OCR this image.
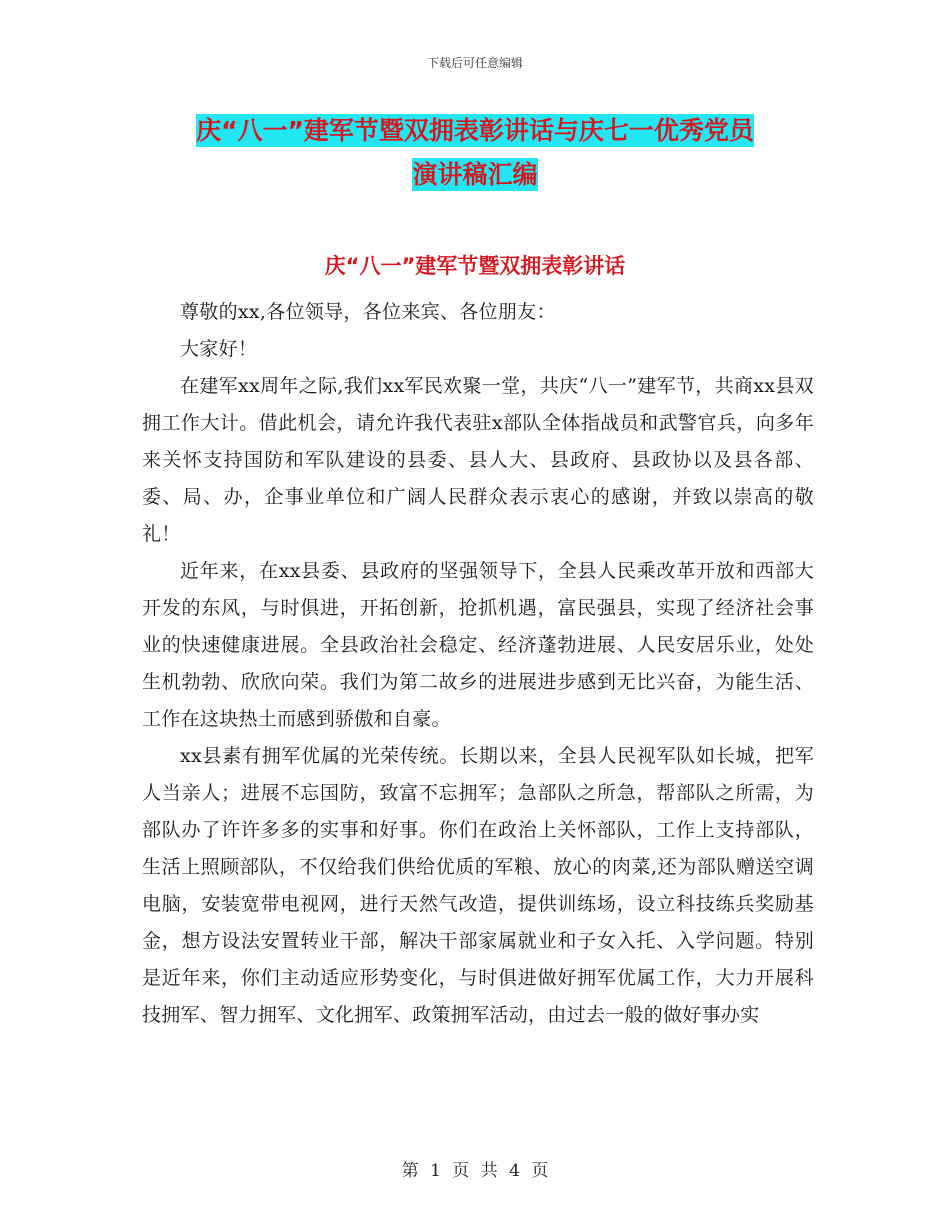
下载后可任意编辑
庆“八一”建军节暨双拥表彰讲话与庆七一优秀党员
演讲稿汇编
庆“八一”建军节暨双拥表彰讲话

尊敬的xx,各位领导，各位来宾、各位朋友：

大家好！

在建军xx周年之际,我们xx军民欢聚一堂，共庆“八一”建军节，共商xx县双拥工作大计。借此机会，请允许我代表驻x部队全体指战员和武警官兵，向多年来关怀支持国防和军队建设的县委、县人大、县政府、县政协以及县各部、委、局、办，企事业单位和广阔人民群众表示衷心的感谢，并致以崇高的敬礼！

近年来，在xx县委、县政府的坚强领导下，全县人民乘改革开放和西部大开发的东风，与时俱进，开拓创新，抢抓机遇，富民强县，实现了经济社会事业的快速健康进展。全县政治社会稳定、经济蓬勃进展、人民安居乐业，处处生机勃勃、欣欣向荣。我们为第二故乡的进展进步感到无比兴奋，为能生活、工作在这块热土而感到骄傲和自豪。

xx县素有拥军优属的光荣传统。长期以来，全县人民视军队如长城，把军人当亲人；进展不忘国防，致富不忘拥军；急部队之所急，帮部队之所需，为部队办了许许多多的实事和好事。你们在政治上关怀部队，工作上支持部队，生活上照顾部队，不仅给我们供给优质的军粮、放心的肉菜,还为部队赠送空调电脑，安装宽带电视网，进行天然气改造，提供训练场，设立科技练兵奖励基金，想方设法安置转业干部，解决干部家属就业和子女入托、入学问题。特别是近年来，你们主动适应形势变化，与时俱进做好拥军优属工作，大力开展科技拥军、智力拥军、文化拥军、政策拥军活动，由过去一般的做好事办实

第 1 页 共 4 页
